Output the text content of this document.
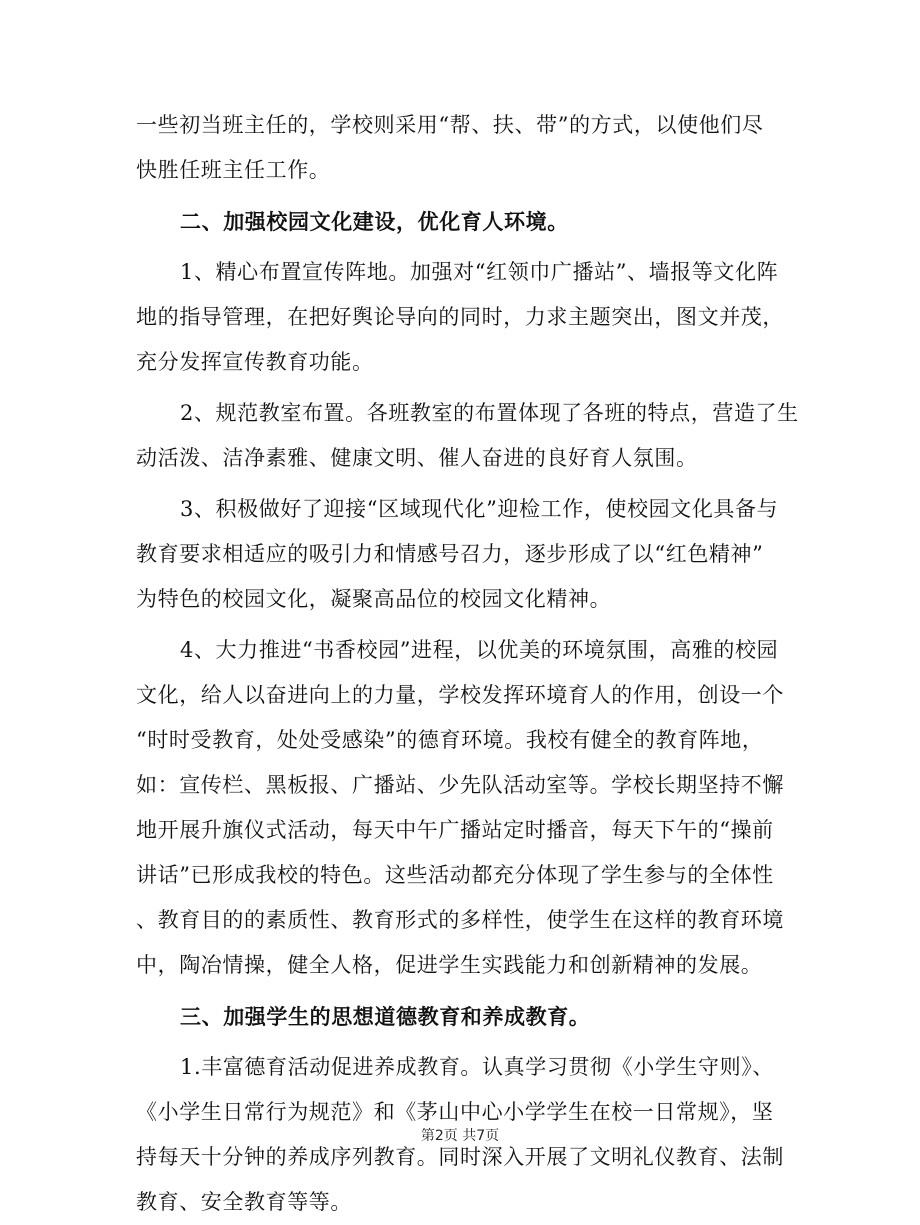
一些初当班主任的，学校则采用“帮、扶、带”的方式，以使他们尽
快胜任班主任工作。
二、加强校园文化建设，优化育人环境。
1、精心布置宣传阵地。加强对“红领巾广播站”、墙报等文化阵
地的指导管理，在把好舆论导向的同时，力求主题突出，图文并茂，
充分发挥宣传教育功能。
2、规范教室布置。各班教室的布置体现了各班的特点，营造了生
动活泼、洁净素雅、健康文明、催人奋进的良好育人氛围。
3、积极做好了迎接“区域现代化”迎检工作，使校园文化具备与
教育要求相适应的吸引力和情感号召力，逐步形成了以“红色精神”
为特色的校园文化，凝聚高品位的校园文化精神。
4、大力推进“书香校园”进程，以优美的环境氛围，高雅的校园
文化，给人以奋进向上的力量，学校发挥环境育人的作用，创设一个
“时时受教育，处处受感染”的德育环境。我校有健全的教育阵地，
如：宣传栏、黑板报、广播站、少先队活动室等。学校长期坚持不懈
地开展升旗仪式活动，每天中午广播站定时播音，每天下午的“操前
讲话”已形成我校的特色。这些活动都充分体现了学生参与的全体性
、教育目的的素质性、教育形式的多样性，使学生在这样的教育环境
中，陶冶情操，健全人格，促进学生实践能力和创新精神的发展。
三、加强学生的思想道德教育和养成教育。
1.丰富德育活动促进养成教育。认真学习贯彻《小学生守则》、
《小学生日常行为规范》和《茅山中心小学学生在校一日常规》，坚
持每天十分钟的养成序列教育。同时深入开展了文明礼仪教育、法制
教育、安全教育等等。
第2页 共7页
